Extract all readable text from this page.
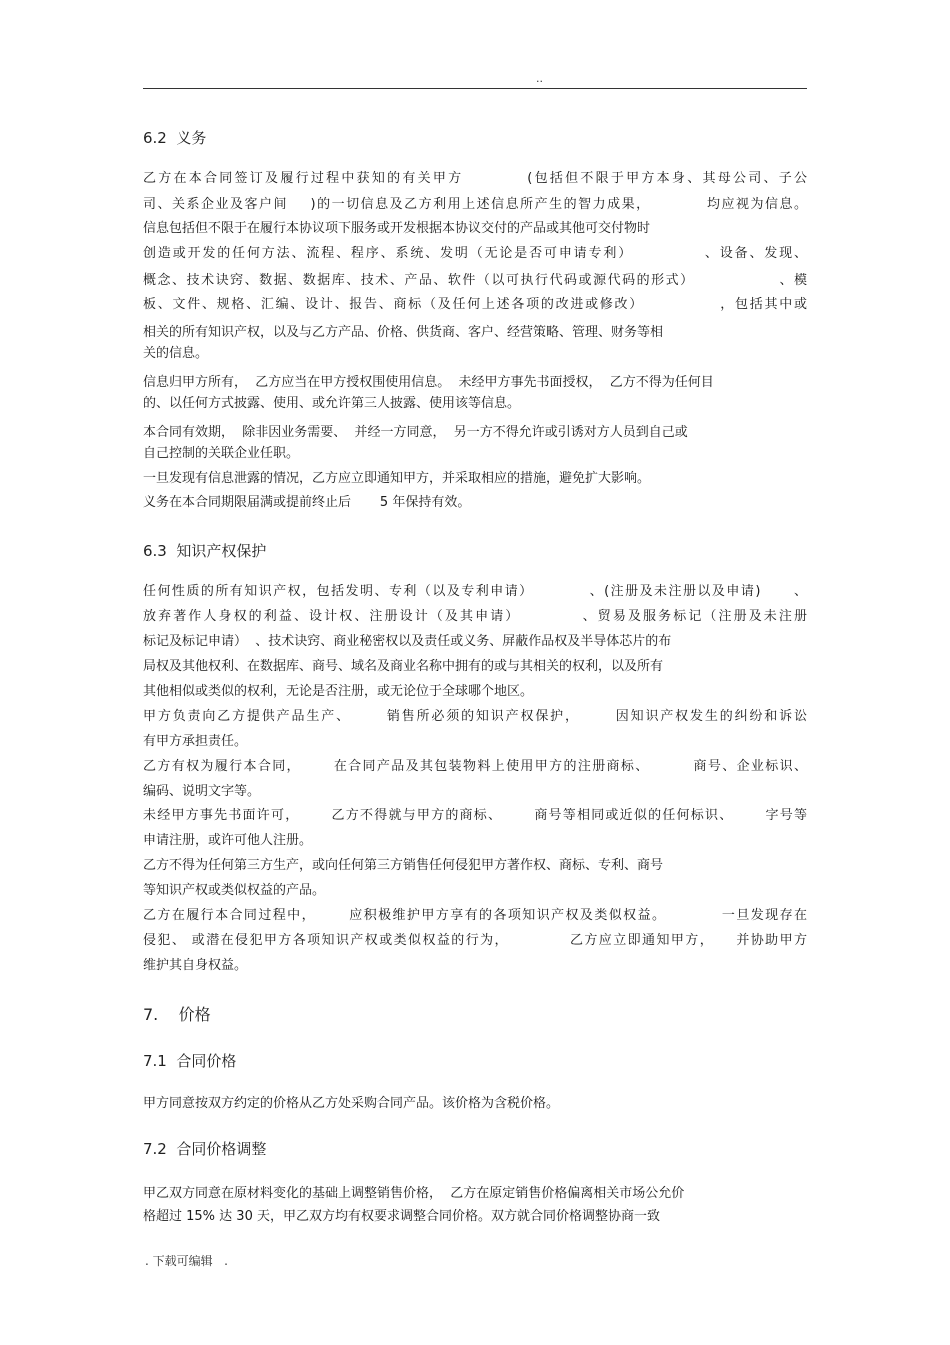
..
6.2  义务
乙方在本合同签订及履行过程中获知的有关甲方          (包括但不限于甲方本身、其母公司、子公
司、关系企业及客户间    )的一切信息及乙方利用上述信息所产生的智力成果，          均应视为信息。
信息包括但不限于在履行本协议项下服务或开发根据本协议交付的产品或其他可交付物时
创造或开发的任何方法、流程、程序、系统、发明（无论是否可申请专利）            、设备、发现、
概念、技术诀窍、数据、数据库、技术、产品、软件（以可执行代码或源代码的形式）               、模
板、文件、规格、汇编、设计、报告、商标（及任何上述各项的改进或修改）             ，包括其中或
相关的所有知识产权，以及与乙方产品、价格、供货商、客户、经营策略、管理、财务等相
关的信息。
信息归甲方所有，  乙方应当在甲方授权围使用信息。  未经甲方事先书面授权，  乙方不得为任何目
的、以任何方式披露、使用、或允许第三人披露、使用该等信息。
本合同有效期，  除非因业务需要、  并经一方同意，  另一方不得允许或引诱对方人员到自己或
自己控制的关联企业任职。
一旦发现有信息泄露的情况，乙方应立即通知甲方，并采取相应的措施，避免扩大影响。
义务在本合同期限届满或提前终止后       5 年保持有效。
6.3  知识产权保护
任何性质的所有知识产权，包括发明、专利（以及专利申请）          、(注册及未注册以及申请)      、
放弃著作人身权的利益、设计权、注册设计（及其申请）          、贸易及服务标记（注册及未注册
标记及标记申请）  、技术诀窍、商业秘密权以及责任或义务、屏蔽作品权及半导体芯片的布
局权及其他权利、在数据库、商号、域名及商业名称中拥有的或与其相关的权利，以及所有
其他相似或类似的权利，无论是否注册，或无论位于全球哪个地区。
甲方负责向乙方提供产品生产、      销售所必须的知识产权保护，      因知识产权发生的纠纷和诉讼
有甲方承担责任。
乙方有权为履行本合同，      在合同产品及其包装物料上使用甲方的注册商标、        商号、企业标识、
编码、说明文字等。
未经甲方事先书面许可，      乙方不得就与甲方的商标、      商号等相同或近似的任何标识、      字号等
申请注册，或许可他人注册。
乙方不得为任何第三方生产，或向任何第三方销售任何侵犯甲方著作权、商标、专利、商号
等知识产权或类似权益的产品。
乙方在履行本合同过程中，      应积极维护甲方享有的各项知识产权及类似权益。          一旦发现存在
侵犯、 或潜在侵犯甲方各项知识产权或类似权益的行为，           乙方应立即通知甲方，    并协助甲方
维护其自身权益。
7.    价格
7.1  合同价格
甲方同意按双方约定的价格从乙方处采购合同产品。该价格为含税价格。
7.2  合同价格调整
甲乙双方同意在原材料变化的基础上调整销售价格，  乙方在原定销售价格偏离相关市场公允价
格超过 15% 达 30 天，甲乙双方均有权要求调整合同价格。双方就合同价格调整协商一致
. 下载可编辑   .
